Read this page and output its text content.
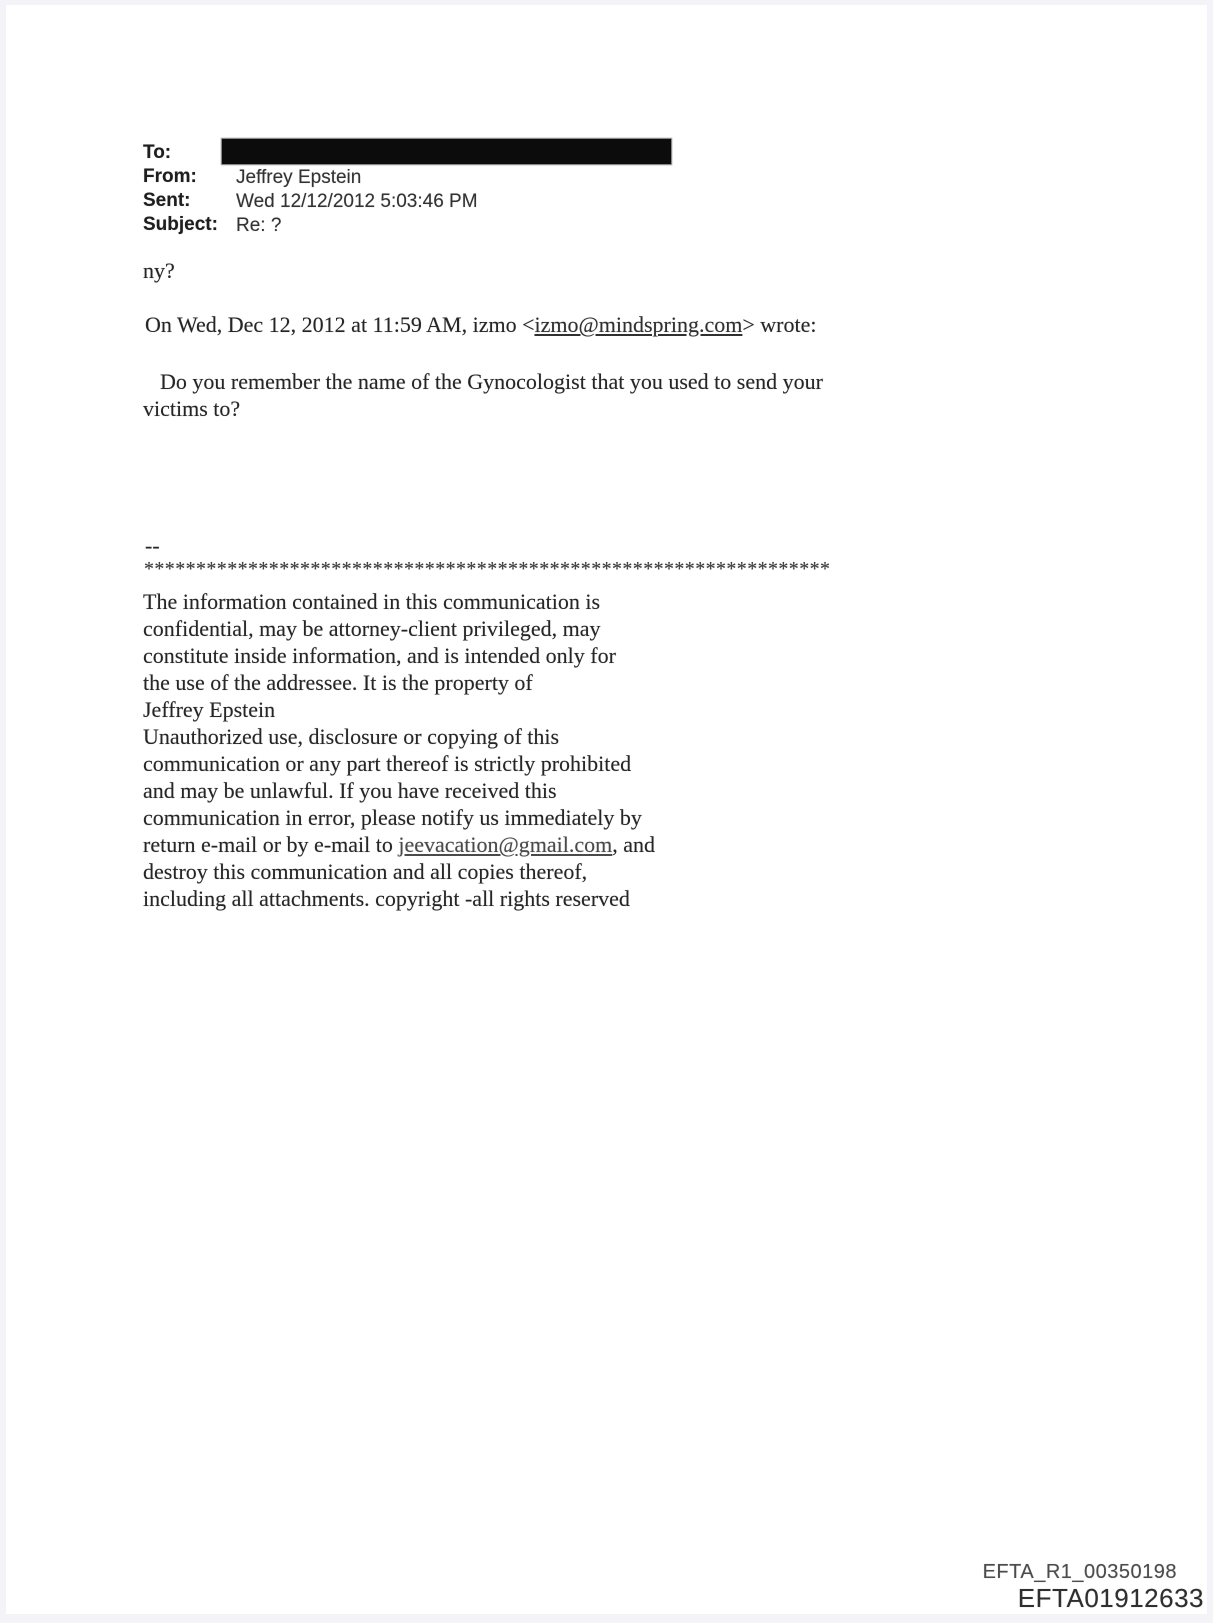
To:
From: Jeffrey Epstein
Sent: Wed 12/12/2012 5:03:46 PM
Subject: Re: ?
ny?
On Wed, Dec 12, 2012 at 11:59 AM, izmo <izmo@mindspring.com> wrote:
Do you remember the name of the Gynocologist that you used to send your
victims to?
--
******************************************************************
The information contained in this communication is
confidential, may be attorney-client privileged, may
constitute inside information, and is intended only for
the use of the addressee. It is the property of
Jeffrey Epstein
Unauthorized use, disclosure or copying of this
communication or any part thereof is strictly prohibited
and may be unlawful. If you have received this
communication in error, please notify us immediately by
return e-mail or by e-mail to jeevacation@gmail.com, and
destroy this communication and all copies thereof,
including all attachments. copyright -all rights reserved
EFTA_R1_00350198
EFTA01912633
